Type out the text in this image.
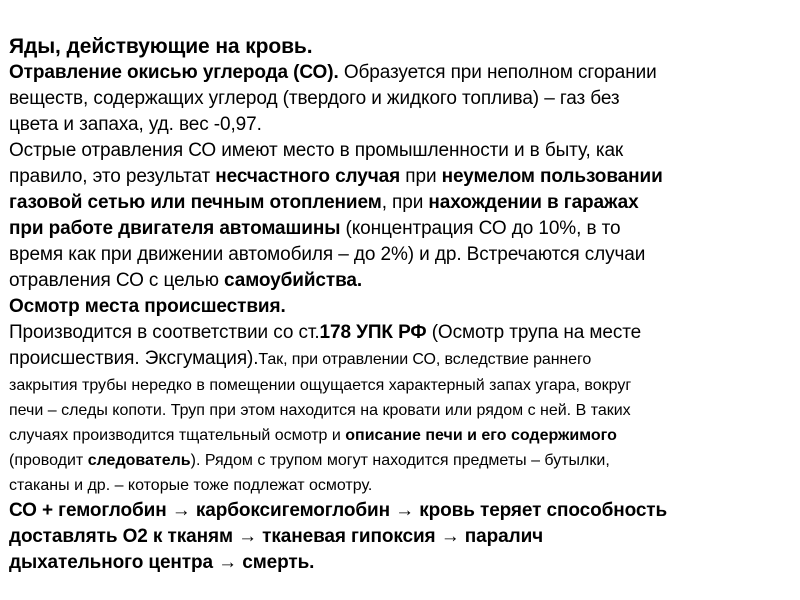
Яды, действующие на кровь.
Отравление окисью углерода (СО). Образуется при неполном сгорании
веществ, содержащих углерод (твердого и жидкого топлива) – газ без
цвета и запаха, уд. вес -0,97.
Острые отравления СО имеют место в промышленности и в быту, как
правило, это результат несчастного случая при неумелом пользовании
газовой сетью или печным отоплением, при нахождении в гаражах
при работе двигателя автомашины (концентрация СО до 10%, в то
время как при движении автомобиля – до 2%) и др. Встречаются случаи
отравления СО с целью самоубийства.
Осмотр места происшествия.
Производится в соответствии со ст.178 УПК РФ (Осмотр трупа на месте
происшествия. Эксгумация).Так, при отравлении СО, вследствие раннего
закрытия трубы нередко в помещении ощущается характерный запах угара, вокруг
печи – следы копоти. Труп при этом находится на кровати или рядом с ней. В таких
случаях производится тщательный осмотр и описание печи и его содержимого
(проводит следователь). Рядом с трупом могут находится предметы – бутылки,
стаканы и др. – которые тоже подлежат осмотру.
СО + гемоглобин → карбоксигемоглобин → кровь теряет способность
доставлять О2 к тканям → тканевая гипоксия → паралич
дыхательного центра → смерть.
